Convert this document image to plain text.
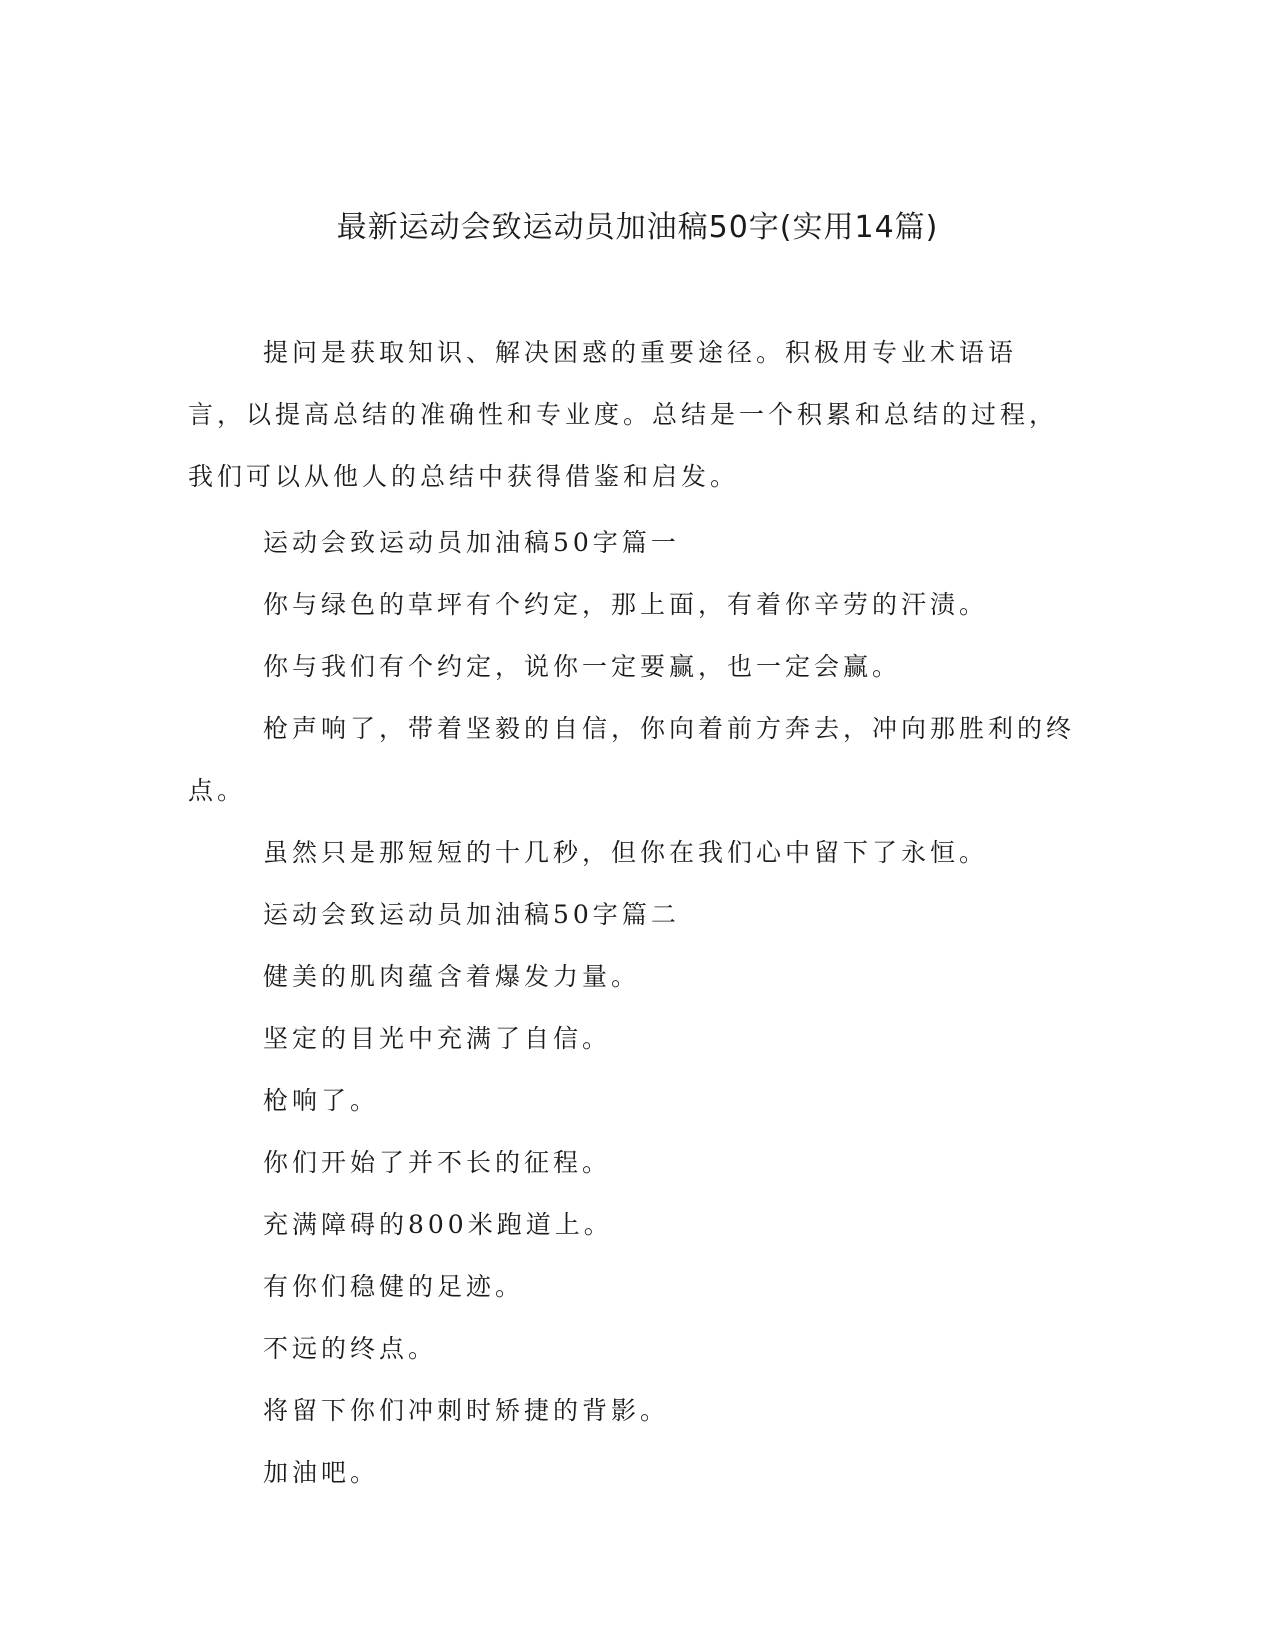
最新运动会致运动员加油稿50字(实用14篇)

提问是获取知识、解决困惑的重要途径。积极用专业术语语言，以提高总结的准确性和专业度。总结是一个积累和总结的过程，我们可以从他人的总结中获得借鉴和启发。

运动会致运动员加油稿50字篇一

你与绿色的草坪有个约定，那上面，有着你辛劳的汗渍。

你与我们有个约定，说你一定要赢，也一定会赢。

枪声响了，带着坚毅的自信，你向着前方奔去，冲向那胜利的终点。

虽然只是那短短的十几秒，但你在我们心中留下了永恒。

运动会致运动员加油稿50字篇二

健美的肌肉蕴含着爆发力量。

坚定的目光中充满了自信。

枪响了。

你们开始了并不长的征程。

充满障碍的800米跑道上。

有你们稳健的足迹。

不远的终点。

将留下你们冲刺时矫捷的背影。

加油吧。
